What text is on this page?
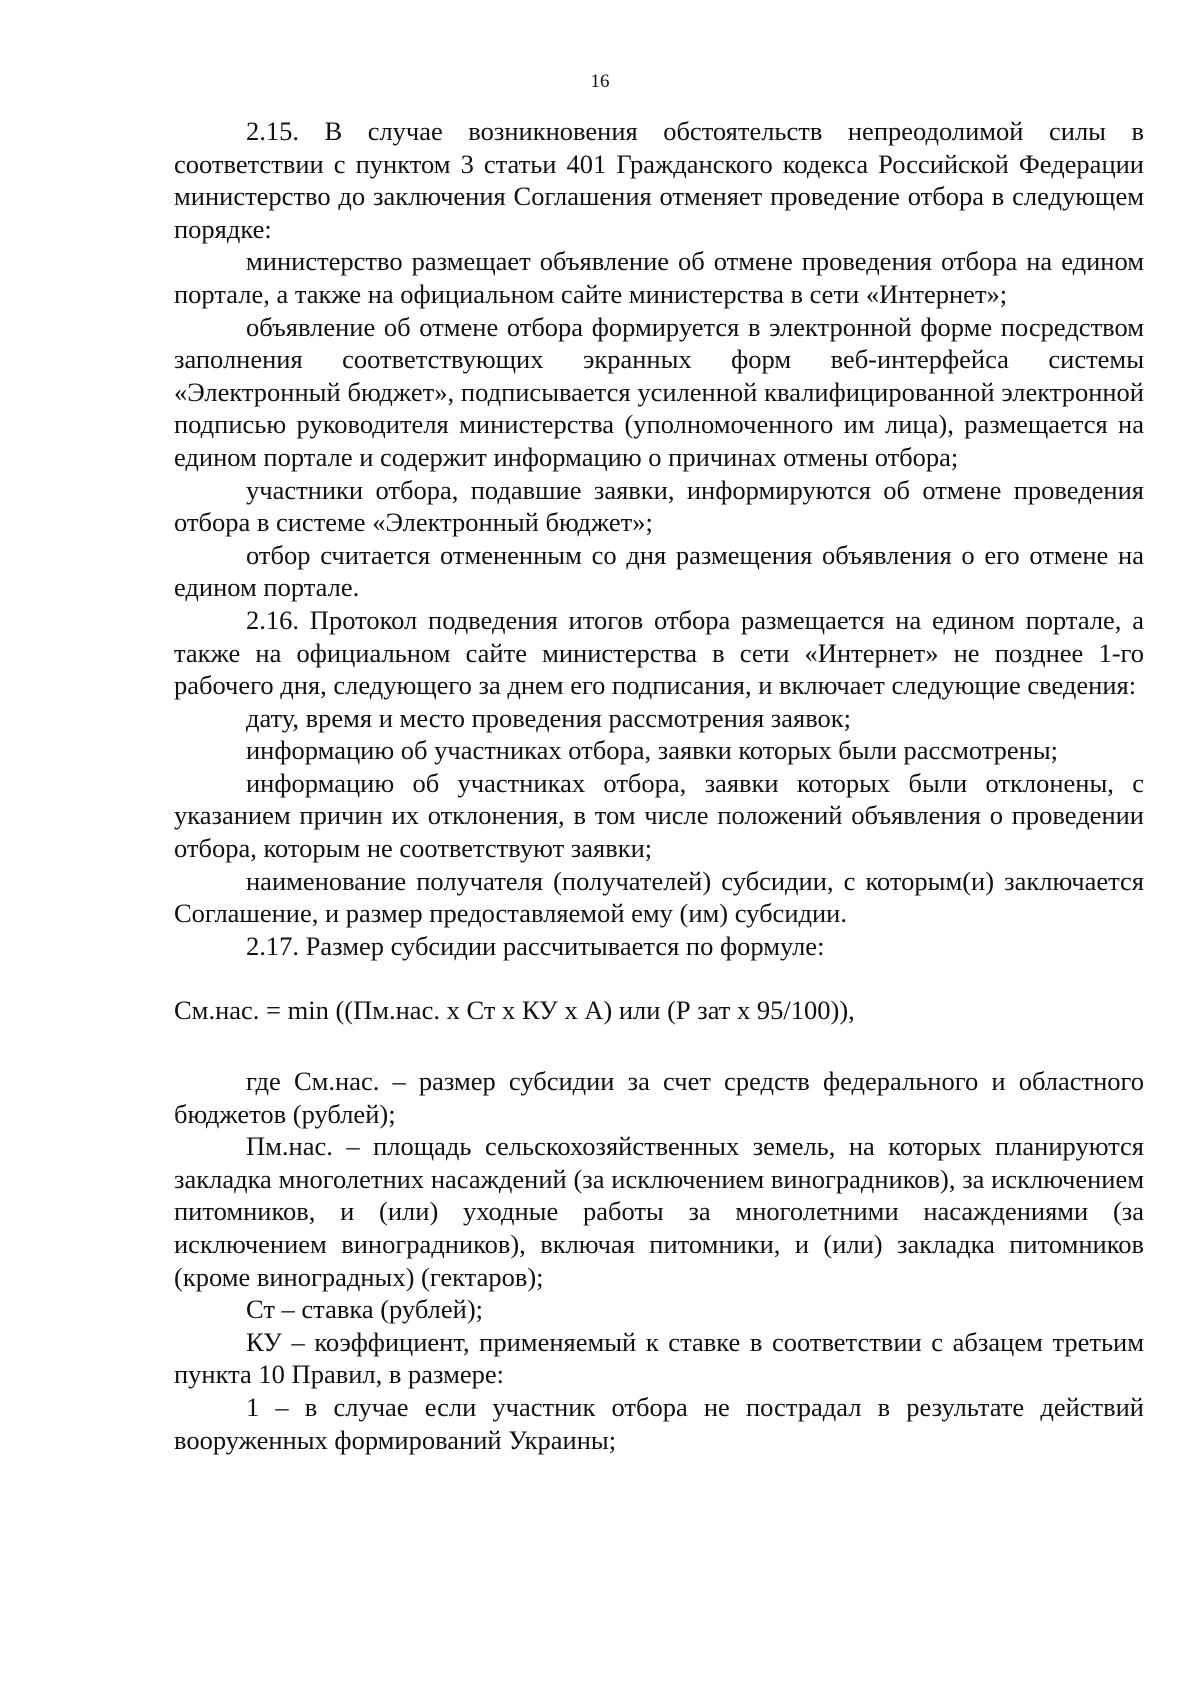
16

2.15. В случае возникновения обстоятельств непреодолимой силы в соответствии с пунктом 3 статьи 401 Гражданского кодекса Российской Федерации министерство до заключения Соглашения отменяет проведение отбора в следующем порядке:

министерство размещает объявление об отмене проведения отбора на едином портале, а также на официальном сайте министерства в сети «Интернет»;

объявление об отмене отбора формируется в электронной форме посредством заполнения соответствующих экранных форм веб-интерфейса системы «Электронный бюджет», подписывается усиленной квалифицированной электронной подписью руководителя министерства (уполномоченного им лица), размещается на едином портале и содержит информацию о причинах отмены отбора;

участники отбора, подавшие заявки, информируются об отмене проведения отбора в системе «Электронный бюджет»;

отбор считается отмененным со дня размещения объявления о его отмене на едином портале.

2.16. Протокол подведения итогов отбора размещается на едином портале, а также на официальном сайте министерства в сети «Интернет» не позднее 1-го рабочего дня, следующего за днем его подписания, и включает следующие сведения:

дату, время и место проведения рассмотрения заявок;

информацию об участниках отбора, заявки которых были рассмотрены;

информацию об участниках отбора, заявки которых были отклонены, с указанием причин их отклонения, в том числе положений объявления о проведении отбора, которым не соответствуют заявки;

наименование получателя (получателей) субсидии, с которым(и) заключается Соглашение, и размер предоставляемой ему (им) субсидии.

2.17. Размер субсидии рассчитывается по формуле:

См.нас. = min ((Пм.нас. x Ст x КУ x А) или (Р зат x 95/100)),

где См.нас. – размер субсидии за счет средств федерального и областного бюджетов (рублей);

Пм.нас. – площадь сельскохозяйственных земель, на которых планируются закладка многолетних насаждений (за исключением виноградников), за исключением питомников, и (или) уходные работы за многолетними насаждениями (за исключением виноградников), включая питомники, и (или) закладка питомников (кроме виноградных) (гектаров);

Ст – ставка (рублей);

КУ – коэффициент, применяемый к ставке в соответствии с абзацем третьим пункта 10 Правил, в размере:

1 – в случае если участник отбора не пострадал в результате действий вооруженных формирований Украины;
